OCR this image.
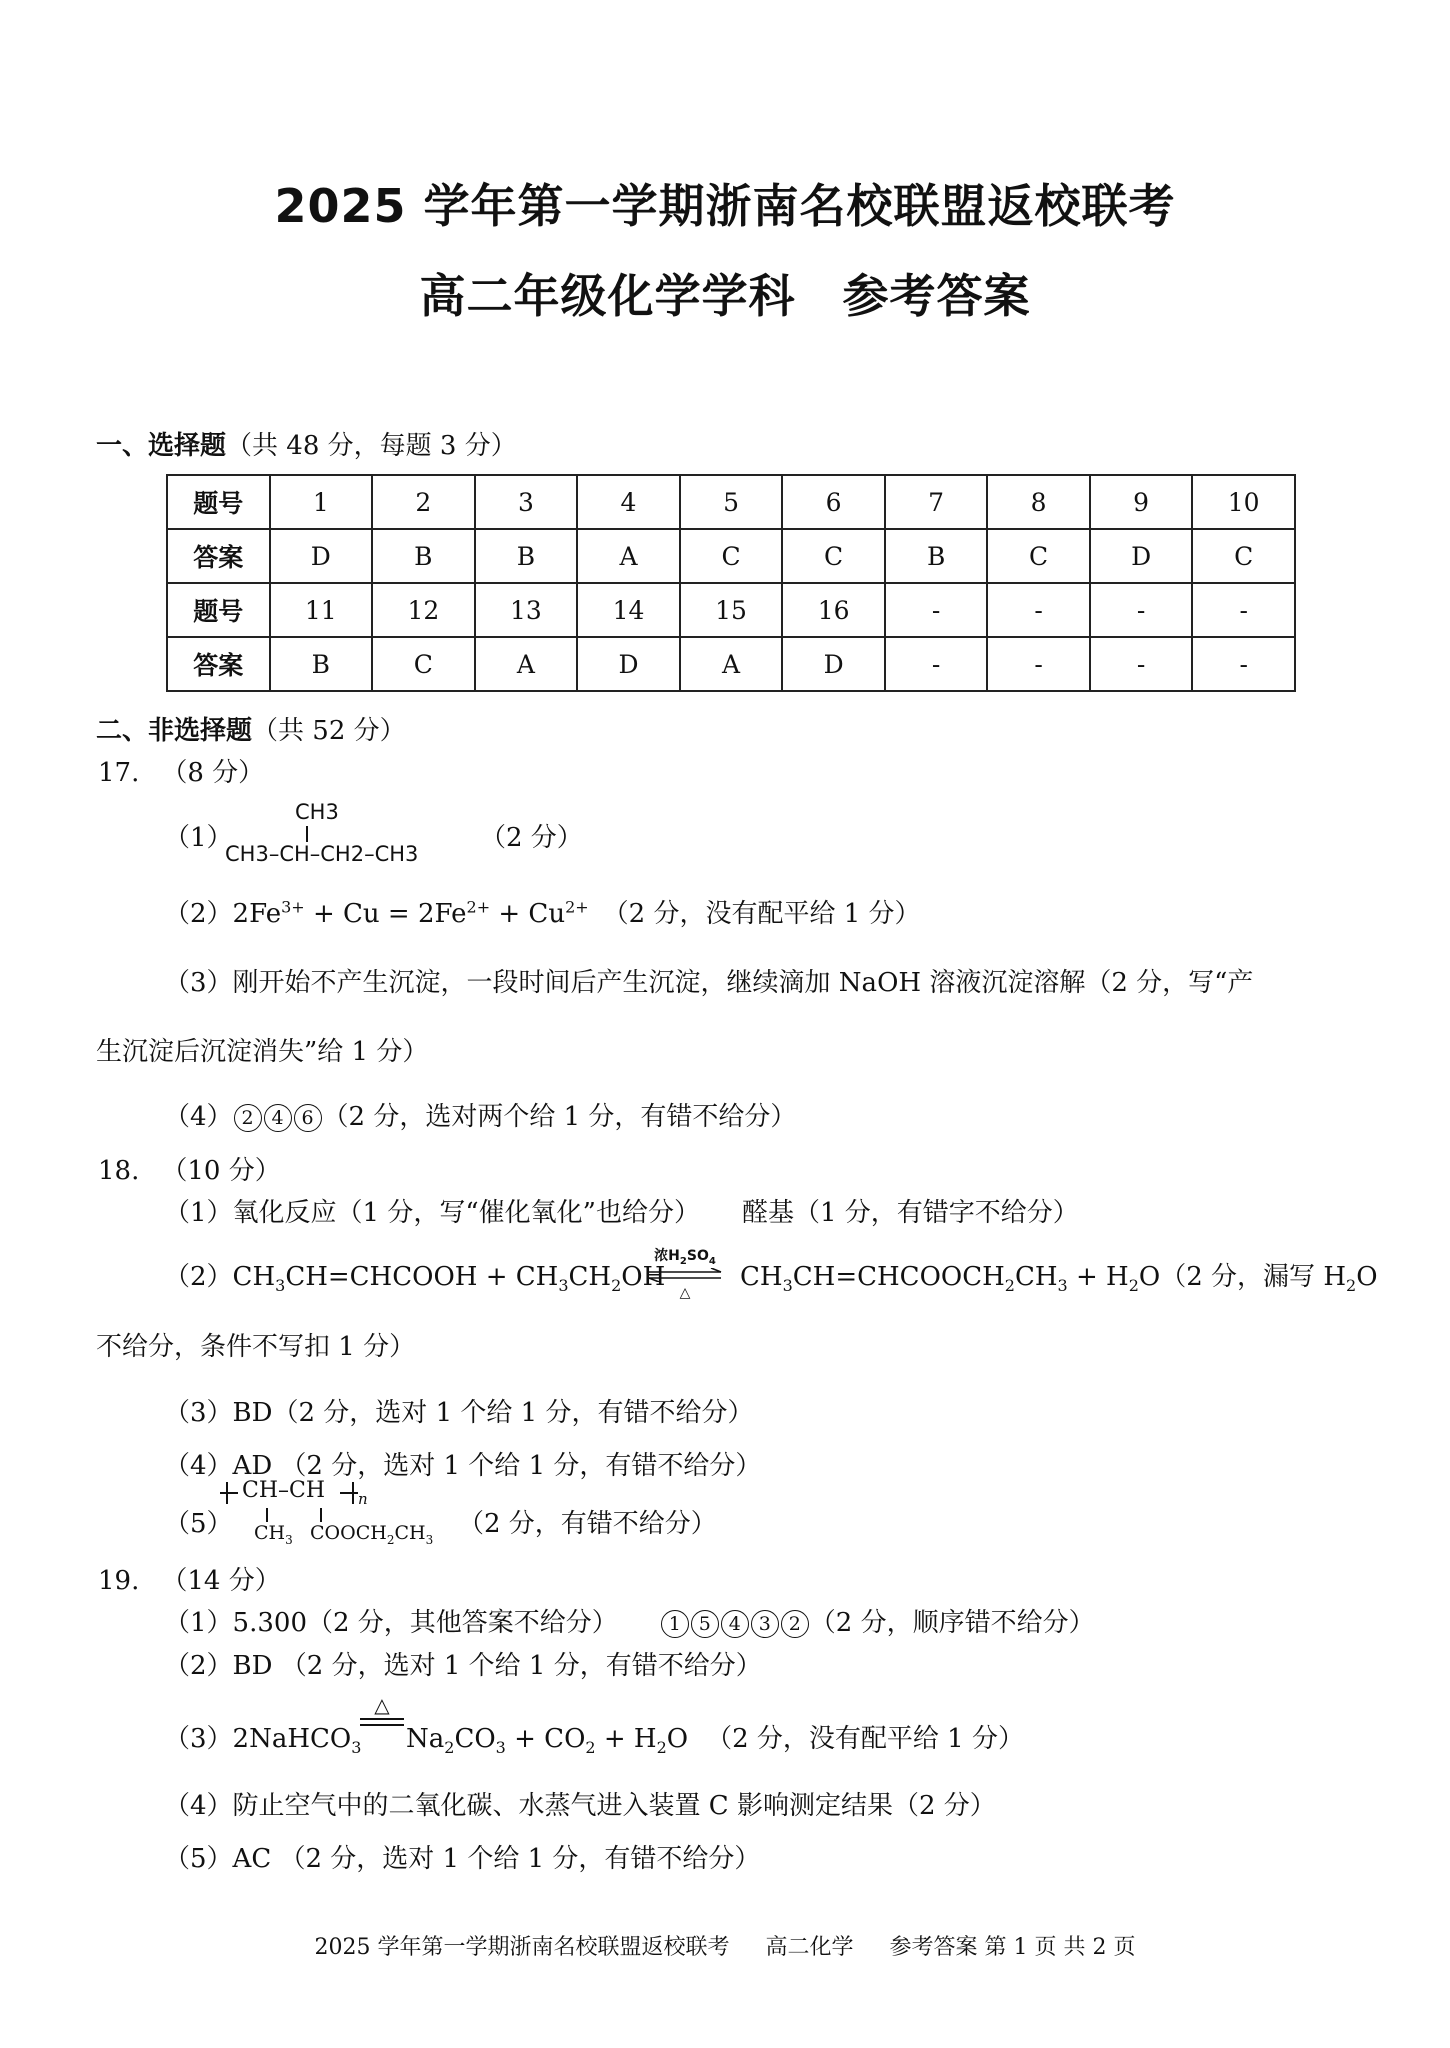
2025 学年第一学期浙南名校联盟返校联考
高二年级化学学科　参考答案
一、选择题（共 48 分，每题 3 分）
题号	1	2	3	4	5	6	7	8	9	10
答案	D	B	B	A	C	C	B	C	D	C
题号	11	12	13	14	15	16	-	-	-	-
答案	B	C	A	D	A	D	-	-	-	-
二、非选择题（共 52 分）
17. （8 分）
（1）
CH3
CH3–CH–CH2–CH3
（2 分）
$(2)2Fe^{3+} + Cu = 2Fe^{2+} + Cu^{2+}$ （2 分，没有配平给 1 分）
（3）刚开始不产生沉淀，一段时间后产生沉淀，继续滴加 NaOH 溶液沉淀溶解（2 分，写“产
生沉淀后沉淀消失”给 1 分）
（4） 2 4 6 （2 分，选对两个给 1 分，有错不给分）
18. （10 分）
（1）氧化反应（1 分，写“催化氧化”也给分） 醛基（1 分，有错字不给分）
$(2)CH_3CH=CHCOOH + CH_3CH_2OH$
浓$H_2SO_4$
△
$CH_3CH=CHCOOCH_2CH_3 + H_2O(2$ 分，漏写 $H_2O$
不给分，条件不写扣 1 分）
（3）BD（2 分，选对 1 个给 1 分，有错不给分）
（4）AD （2 分，选对 1 个给 1 分，有错不给分）
（5）
CH–CH n
$CH_3$ $COOCH_2CH_3$
（2 分，有错不给分）
19. （14 分）
（1）5.300（2 分，其他答案不给分）	1 5 4 3 2 （2 分，顺序错不给分）
（2）BD （2 分，选对 1 个给 1 分，有错不给分）
（3）2NaHCO$_3$
△
$Na_2CO_3 + CO_2 + H_2O$ （2 分，没有配平给 1 分）
（4）防止空气中的二氧化碳、水蒸气进入装置 C 影响测定结果（2 分）
（5）AC （2 分，选对 1 个给 1 分，有错不给分）
2025 学年第一学期浙南名校联盟返校联考 高二化学 参考答案 第 1 页 共 2 页
